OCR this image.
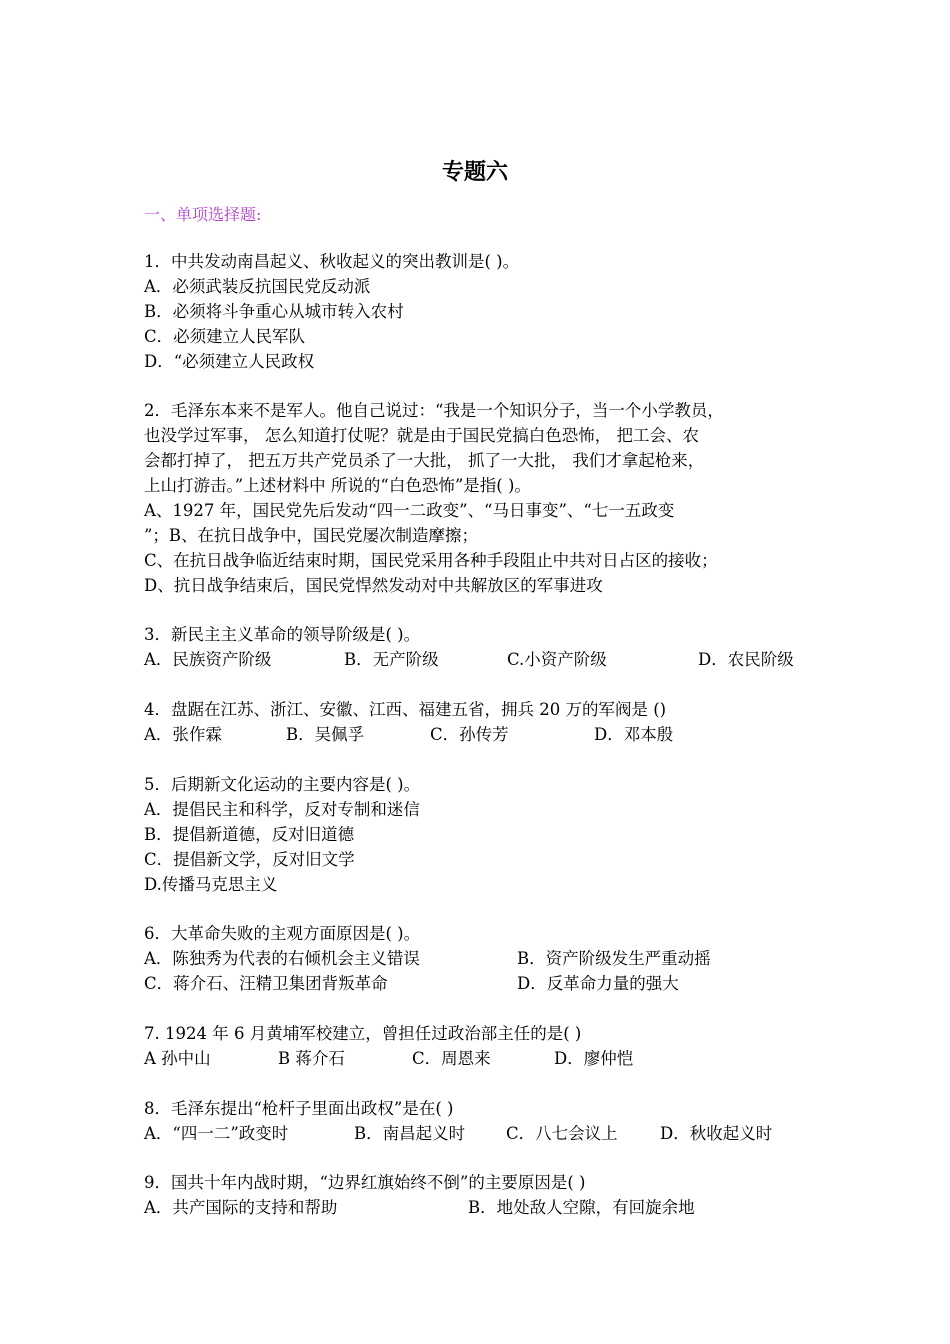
专题六
一、单项选择题:
1．中共发动南昌起义、秋收起义的突出教训是( )。
A．必须武装反抗国民党反动派
B．必须将斗争重心从城市转入农村
C．必须建立人民军队
D．“必须建立人民政权
2．毛泽东本来不是军人。他自己说过：“我是一个知识分子，当一个小学教员，
也没学过军事， 怎么知道打仗呢？就是由于国民党搞白色恐怖， 把工会、农
会都打掉了， 把五万共产党员杀了一大批， 抓了一大批， 我们才拿起枪来，
上山打游击。”上述材料中 所说的“白色恐怖”是指( )。
A、1927 年，国民党先后发动“四一二政变”、“马日事变”、“七一五政变
”；B、在抗日战争中，国民党屡次制造摩擦；
C、在抗日战争临近结束时期，国民党采用各种手段阻止中共对日占区的接收；
D、抗日战争结束后，国民党悍然发动对中共解放区的军事进攻
3．新民主主义革命的领导阶级是( )。
A．民族资产阶级	B．无产阶级	C.小资产阶级	D．农民阶级
4．盘踞在江苏、浙江、安徽、江西、福建五省，拥兵 20 万的军阀是 ()
A．张作霖	B．吴佩孚	C．孙传芳	D．邓本殷
5．后期新文化运动的主要内容是( )。
A．提倡民主和科学，反对专制和迷信
B．提倡新道德，反对旧道德
C．提倡新文学，反对旧文学
D.传播马克思主义
6．大革命失败的主观方面原因是( )。
A．陈独秀为代表的右倾机会主义错误	B．资产阶级发生严重动摇
C．蒋介石、汪精卫集团背叛革命	D．反革命力量的强大
7. 1924 年 6 月黄埔军校建立，曾担任过政治部主任的是( )
A 孙中山	B 蒋介石	C．周恩来	D．廖仲恺
8．毛泽东提出“枪杆子里面出政权”是在( )
A．“四一二”政变时	B．南昌起义时 C．八七会议上	D．秋收起义时
9．国共十年内战时期，“边界红旗始终不倒”的主要原因是( )
A．共产国际的支持和帮助	B．地处敌人空隙，有回旋余地
